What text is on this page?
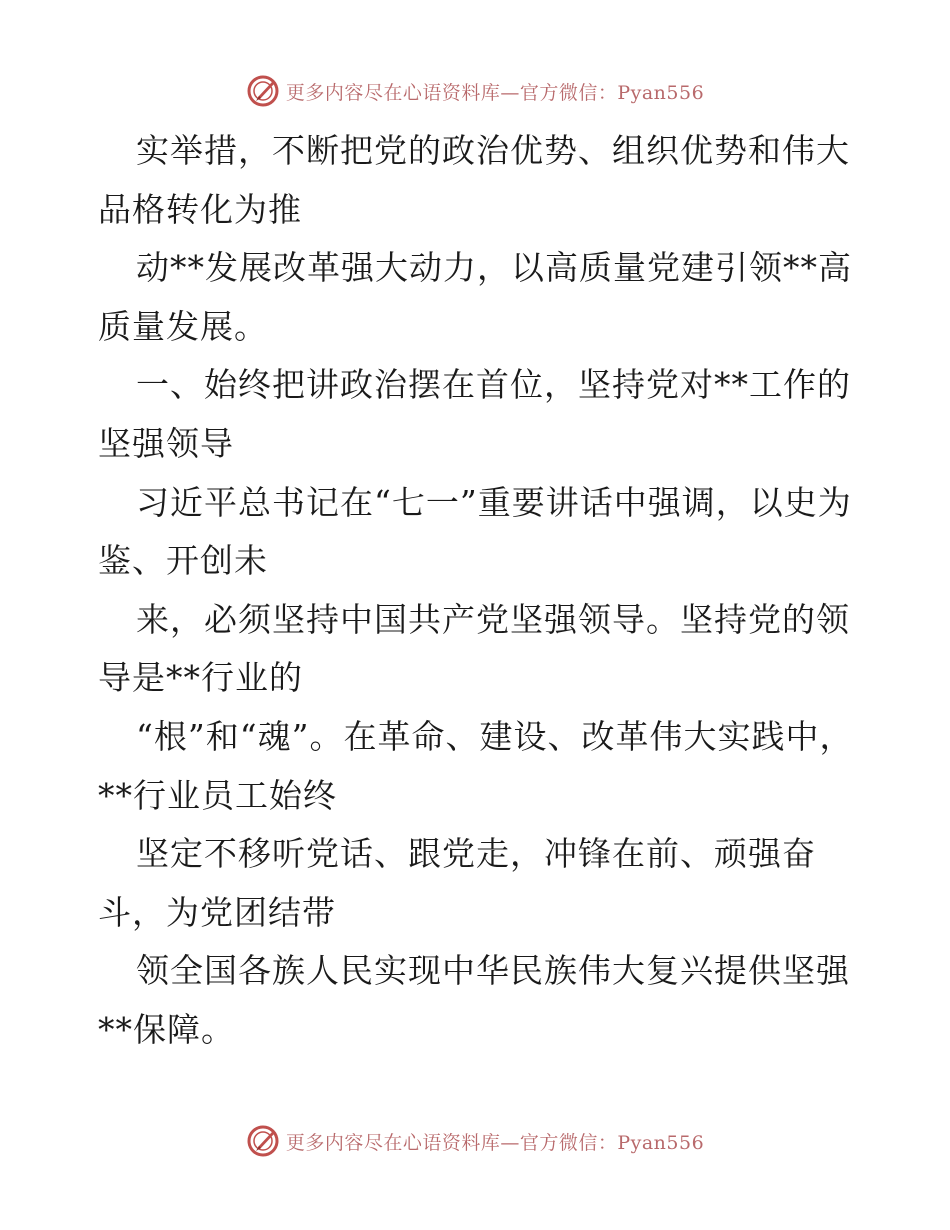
更多内容尽在心语资料库—官方微信：Pyan556

实举措，不断把党的政治优势、组织优势和伟大品格转化为推

动**发展改革强大动力，以高质量党建引领**高质量发展。

一、始终把讲政治摆在首位，坚持党对**工作的坚强领导

习近平总书记在“七一”重要讲话中强调，以史为鉴、开创未

来，必须坚持中国共产党坚强领导。坚持党的领导是**行业的

“根”和“魂”。在革命、建设、改革伟大实践中，**行业员工始终

坚定不移听党话、跟党走，冲锋在前、顽强奋斗，为党团结带

领全国各族人民实现中华民族伟大复兴提供坚强**保障。

更多内容尽在心语资料库—官方微信：Pyan556
